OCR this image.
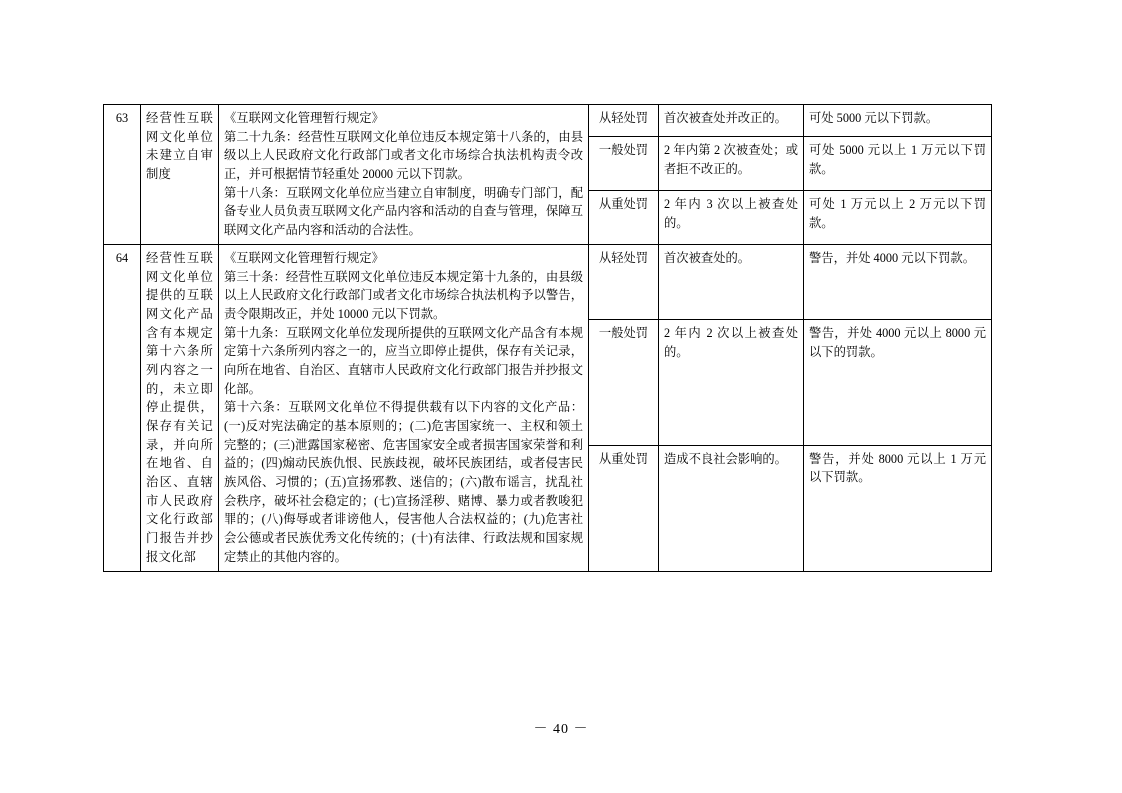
63	经营性互联网文化单位未建立自审制度	《互联网文化管理暂行规定》

第二十九条：经营性互联网文化单位违反本规定第十八条的，由县级以上人民政府文化行政部门或者文化市场综合执法机构责令改正，并可根据情节轻重处 20000 元以下罚款。

第十八条：互联网文化单位应当建立自审制度，明确专门部门，配备专业人员负责互联网文化产品内容和活动的自查与管理，保障互联网文化产品内容和活动的合法性。	从轻处罚	首次被查处并改正的。	可处 5000 元以下罚款。
			一般处罚	2 年内第 2 次被查处；或者拒不改正的。	可处 5000 元以上 1 万元以下罚款。
			从重处罚	2 年内 3 次以上被查处的。	可处 1 万元以上 2 万元以下罚款。
64	经营性互联网文化单位提供的互联网文化产品含有本规定第十六条所列内容之一的，未立即停止提供，保存有关记录，并向所在地省、自治区、直辖市人民政府文化行政部门报告并抄报文化部	《互联网文化管理暂行规定》

第三十条：经营性互联网文化单位违反本规定第十九条的，由县级以上人民政府文化行政部门或者文化市场综合执法机构予以警告，责令限期改正，并处 10000 元以下罚款。

第十九条：互联网文化单位发现所提供的互联网文化产品含有本规定第十六条所列内容之一的，应当立即停止提供，保存有关记录，向所在地省、自治区、直辖市人民政府文化行政部门报告并抄报文化部。

第十六条：互联网文化单位不得提供载有以下内容的文化产品：(一)反对宪法确定的基本原则的；(二)危害国家统一、主权和领土完整的；(三)泄露国家秘密、危害国家安全或者损害国家荣誉和利益的；(四)煽动民族仇恨、民族歧视，破坏民族团结，或者侵害民族风俗、习惯的；(五)宣扬邪教、迷信的；(六)散布谣言，扰乱社会秩序，破坏社会稳定的；(七)宣扬淫秽、赌博、暴力或者教唆犯罪的；(八)侮辱或者诽谤他人，侵害他人合法权益的；(九)危害社会公德或者民族优秀文化传统的；(十)有法律、行政法规和国家规定禁止的其他内容的。	从轻处罚	首次被查处的。	警告，并处 4000 元以下罚款。
			一般处罚	2 年内 2 次以上被查处的。	警告，并处 4000 元以上 8000 元以下的罚款。
			从重处罚	造成不良社会影响的。	警告，并处 8000 元以上 1 万元以下罚款。
－ 40 －
